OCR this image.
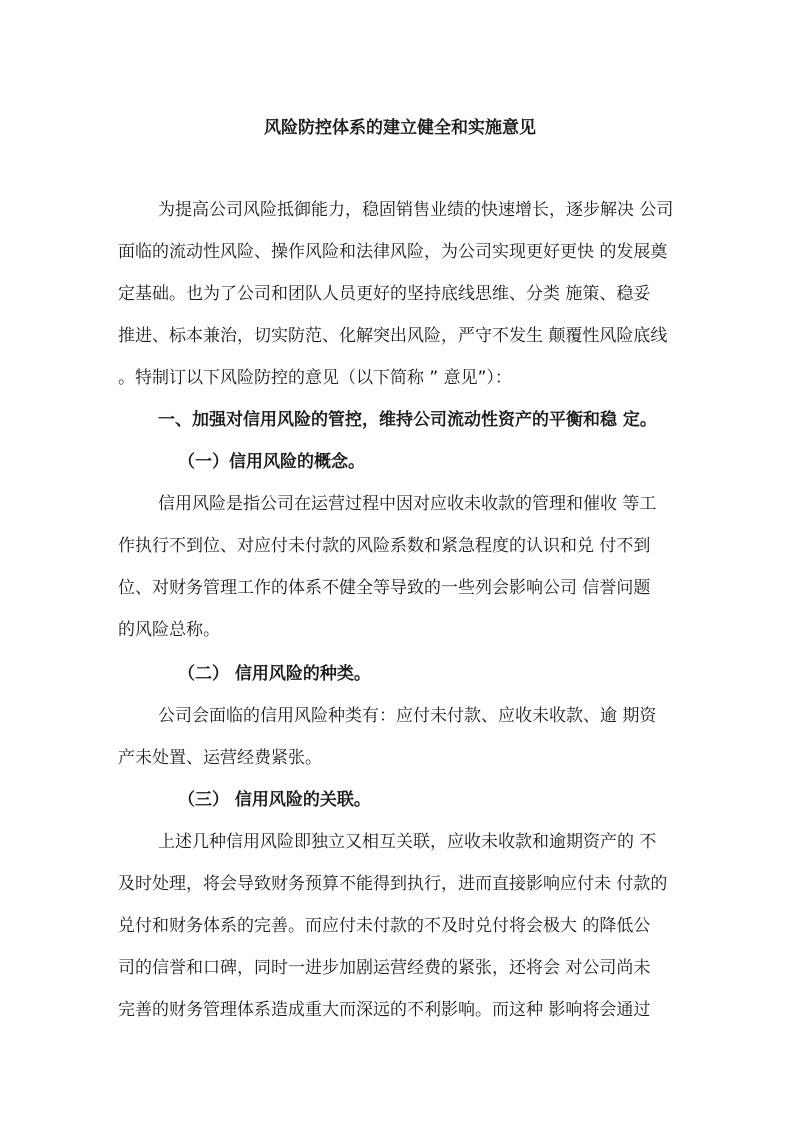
风险防控体系的建立健全和实施意见
为提高公司风险抵御能力，稳固销售业绩的快速增长，逐步解决 公司
面临的流动性风险、操作风险和法律风险，为公司实现更好更快 的发展奠
定基础。也为了公司和团队人员更好的坚持底线思维、分类 施策、稳妥
推进、标本兼治，切实防范、化解突出风险，严守不发生 颠覆性风险底线
。特制订以下风险防控的意见（以下简称 ” 意见”）：
一、加强对信用风险的管控，维持公司流动性资产的平衡和稳 定。
（一）信用风险的概念。
信用风险是指公司在运营过程中因对应收未收款的管理和催收 等工
作执行不到位、对应付未付款的风险系数和紧急程度的认识和兑 付不到
位、对财务管理工作的体系不健全等导致的一些列会影响公司 信誉问题
的风险总称。
（二） 信用风险的种类。
公司会面临的信用风险种类有：应付未付款、应收未收款、逾 期资
产未处置、运营经费紧张。
（三） 信用风险的关联。
上述几种信用风险即独立又相互关联，应收未收款和逾期资产的 不
及时处理，将会导致财务预算不能得到执行，进而直接影响应付未 付款的
兑付和财务体系的完善。而应付未付款的不及时兑付将会极大 的降低公
司的信誉和口碑，同时一进步加剧运营经费的紧张，还将会 对公司尚未
完善的财务管理体系造成重大而深远的不利影响。而这种 影响将会通过
